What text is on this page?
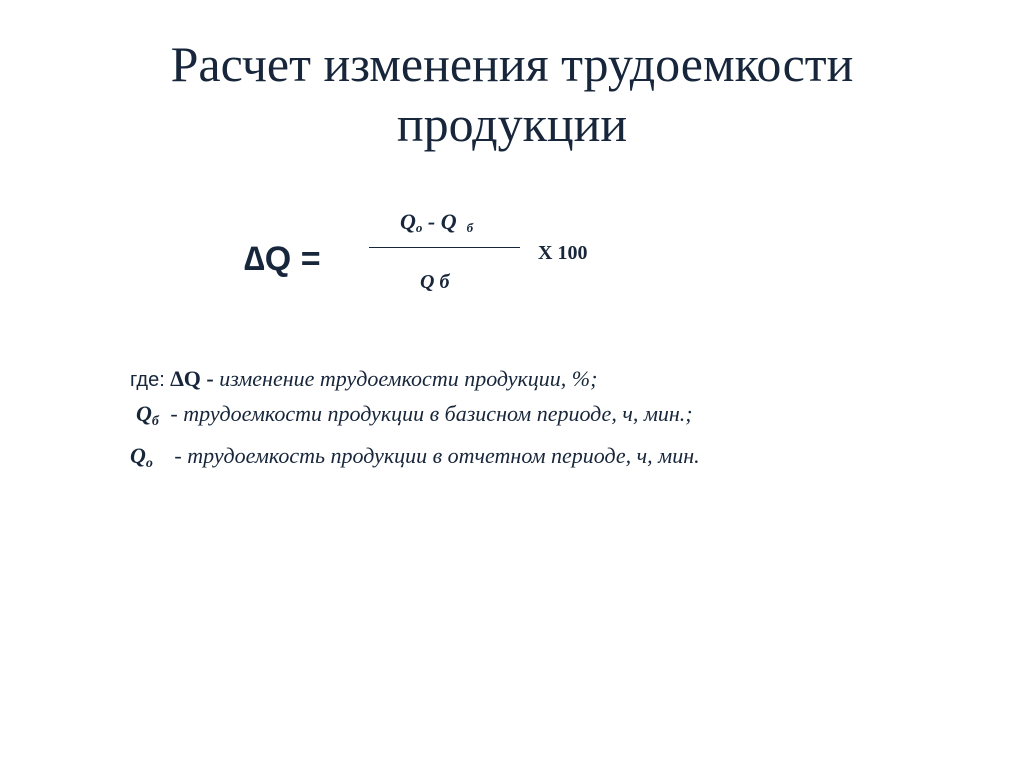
Расчет изменения трудоемкости
продукции
∆Q =
$Q_о$ - Q б
Q б
Х 100
где: ∆Q - изменение трудоемкости продукции, %;
$Q_б$ - трудоемкости продукции в базисном периоде, ч, мин.;
$Q_о$ - трудоемкость продукции в отчетном периоде, ч, мин.
